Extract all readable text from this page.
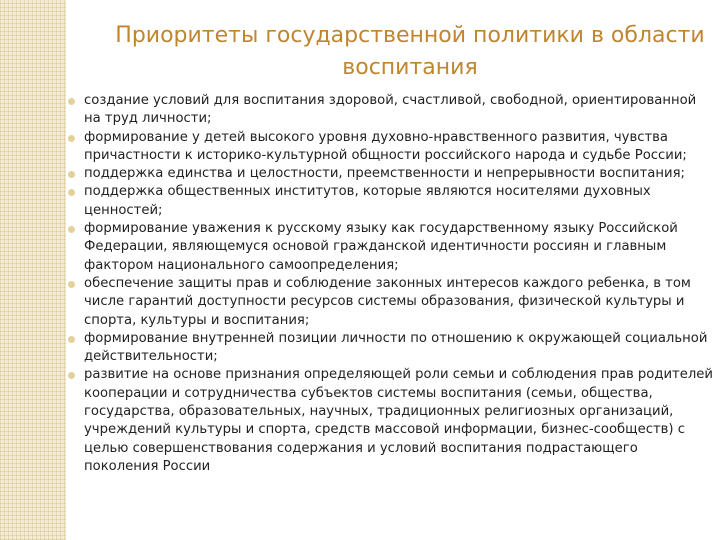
Приоритеты государственной политики в области воспитания
создание условий для воспитания здоровой, счастливой, свободной, ориентированной на труд личности;
формирование у детей высокого уровня духовно-нравственного развития, чувства причастности к историко-культурной общности российского народа и судьбе России;
поддержка единства и целостности, преемственности и непрерывности воспитания;
поддержка общественных институтов, которые являются носителями духовных ценностей;
формирование уважения к русскому языку как государственному языку Российской Федерации, являющемуся основой гражданской идентичности россиян и главным фактором национального самоопределения;
обеспечение защиты прав и соблюдение законных интересов каждого ребенка, в том числе гарантий доступности ресурсов системы образования, физической культуры и спорта, культуры и воспитания;
формирование внутренней позиции личности по отношению к окружающей социальной действительности;
развитие на основе признания определяющей роли семьи и соблюдения прав родителей кооперации и сотрудничества субъектов системы воспитания (семьи, общества, государства, образовательных, научных, традиционных религиозных организаций, учреждений культуры и спорта, средств массовой информации, бизнес-сообществ) с целью совершенствования содержания и условий воспитания подрастающего поколения России
